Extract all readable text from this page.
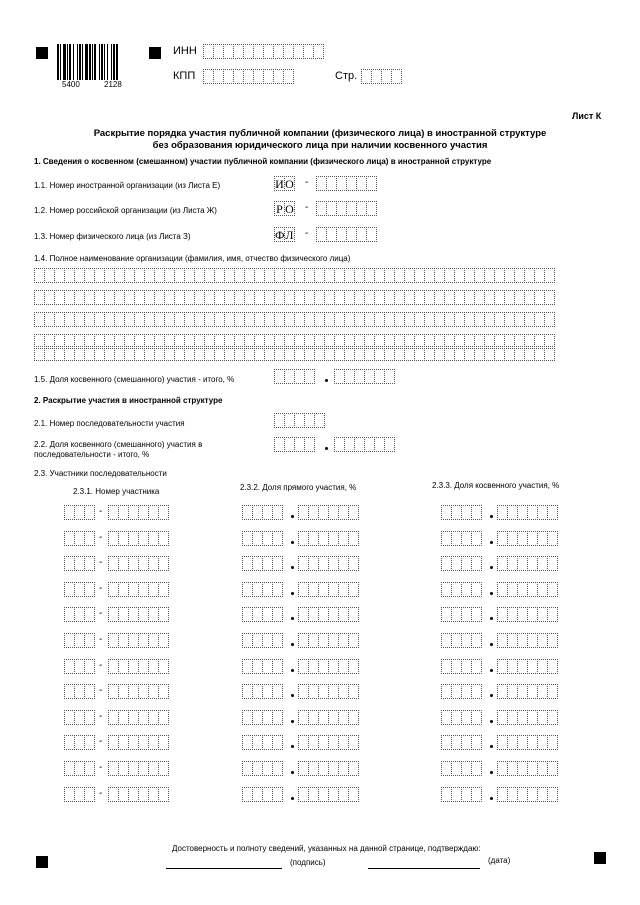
5400	2128
ИНН
КПП	Стр.
Лист К
Раскрытие порядка участия публичной компании (физического лица) в иностранной структуре
без образования юридического лица при наличии косвенного участия
1. Сведения о косвенном (смешанном) участии публичной компании (физического лица) в иностранной структуре
1.1. Номер иностранной организации (из Листа Е)	И О -
1.2. Номер российской организации (из Листа Ж)	Р О -
1.3. Номер физического лица (из Листа З)	Ф Л -
1.4. Полное наименование организации (фамилия, имя, отчество физического лица)
1.5. Доля косвенного (смешанного) участия - итого, %
2. Раскрытие участия в иностранной структуре
2.1. Номер последовательности участия
2.2. Доля косвенного (смешанного) участия в
последовательности - итого, %
2.3. Участники последовательности
2.3.1. Номер участника	2.3.2. Доля прямого участия, %	2.3.3. Доля косвенного участия, %
-
-
-
-
-
-
-
-
-
-
-
-
Достоверность и полноту сведений, указанных на данной странице, подтверждаю:
(подпись)	(дата)
